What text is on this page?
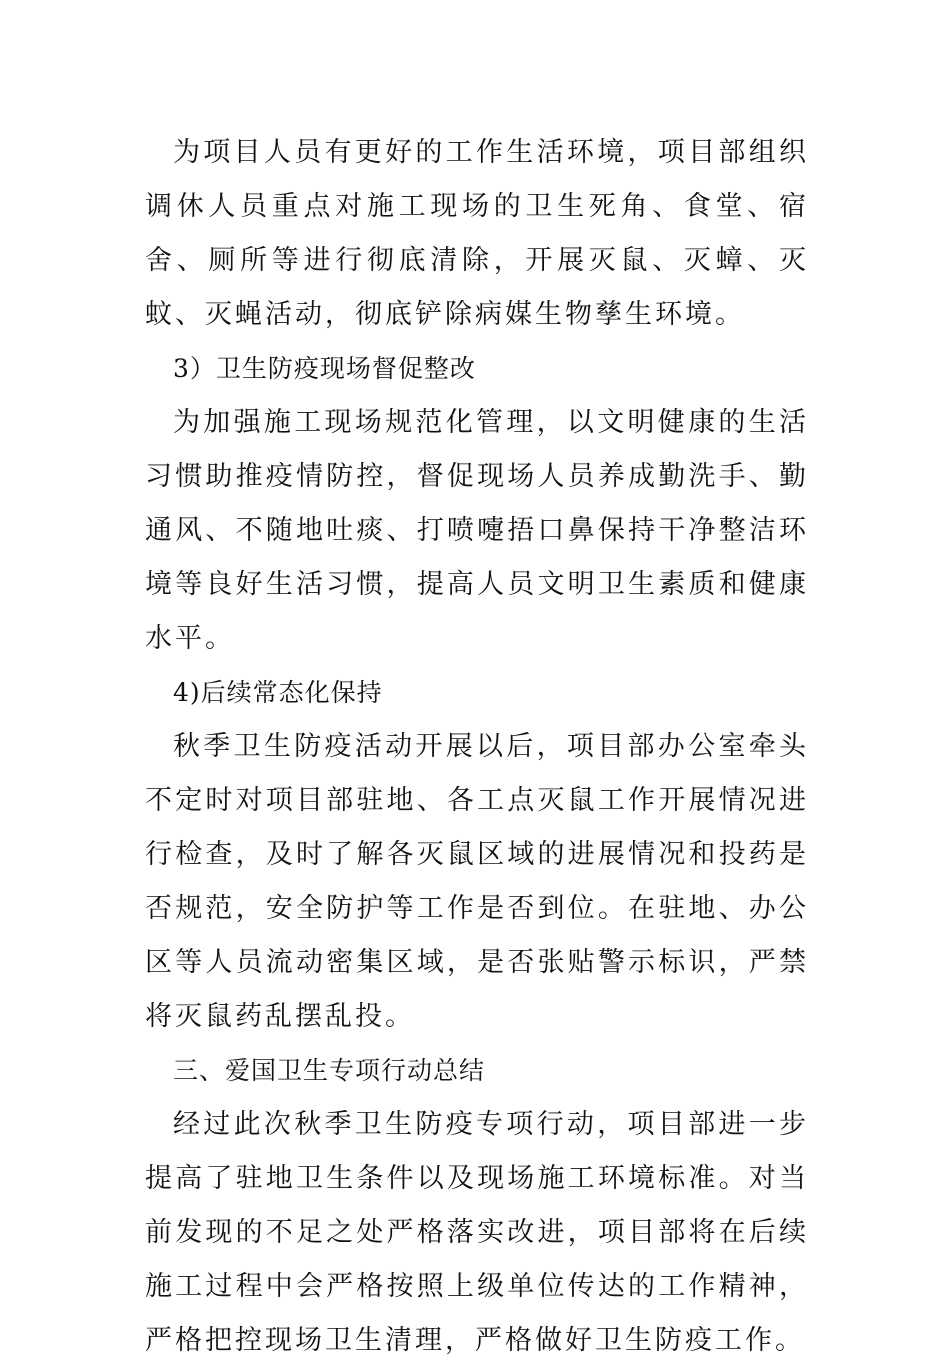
为项目人员有更好的工作生活环境，项目部组织调休人员重点对施工现场的卫生死角、食堂、宿舍、厕所等进行彻底清除，开展灭鼠、灭蟑、灭蚊、灭蝇活动，彻底铲除病媒生物孳生环境。

3）卫生防疫现场督促整改

为加强施工现场规范化管理，以文明健康的生活习惯助推疫情防控，督促现场人员养成勤洗手、勤通风、不随地吐痰、打喷嚏捂口鼻保持干净整洁环境等良好生活习惯，提高人员文明卫生素质和健康水平。

4)后续常态化保持

秋季卫生防疫活动开展以后，项目部办公室牵头不定时对项目部驻地、各工点灭鼠工作开展情况进行检查，及时了解各灭鼠区域的进展情况和投药是否规范，安全防护等工作是否到位。在驻地、办公区等人员流动密集区域，是否张贴警示标识，严禁将灭鼠药乱摆乱投。

三、爱国卫生专项行动总结

经过此次秋季卫生防疫专项行动，项目部进一步提高了驻地卫生条件以及现场施工环境标准。对当前发现的不足之处严格落实改进，项目部将在后续施工过程中会严格按照上级单位传达的工作精神，严格把控现场卫生清理，严格做好卫生防疫工作。
